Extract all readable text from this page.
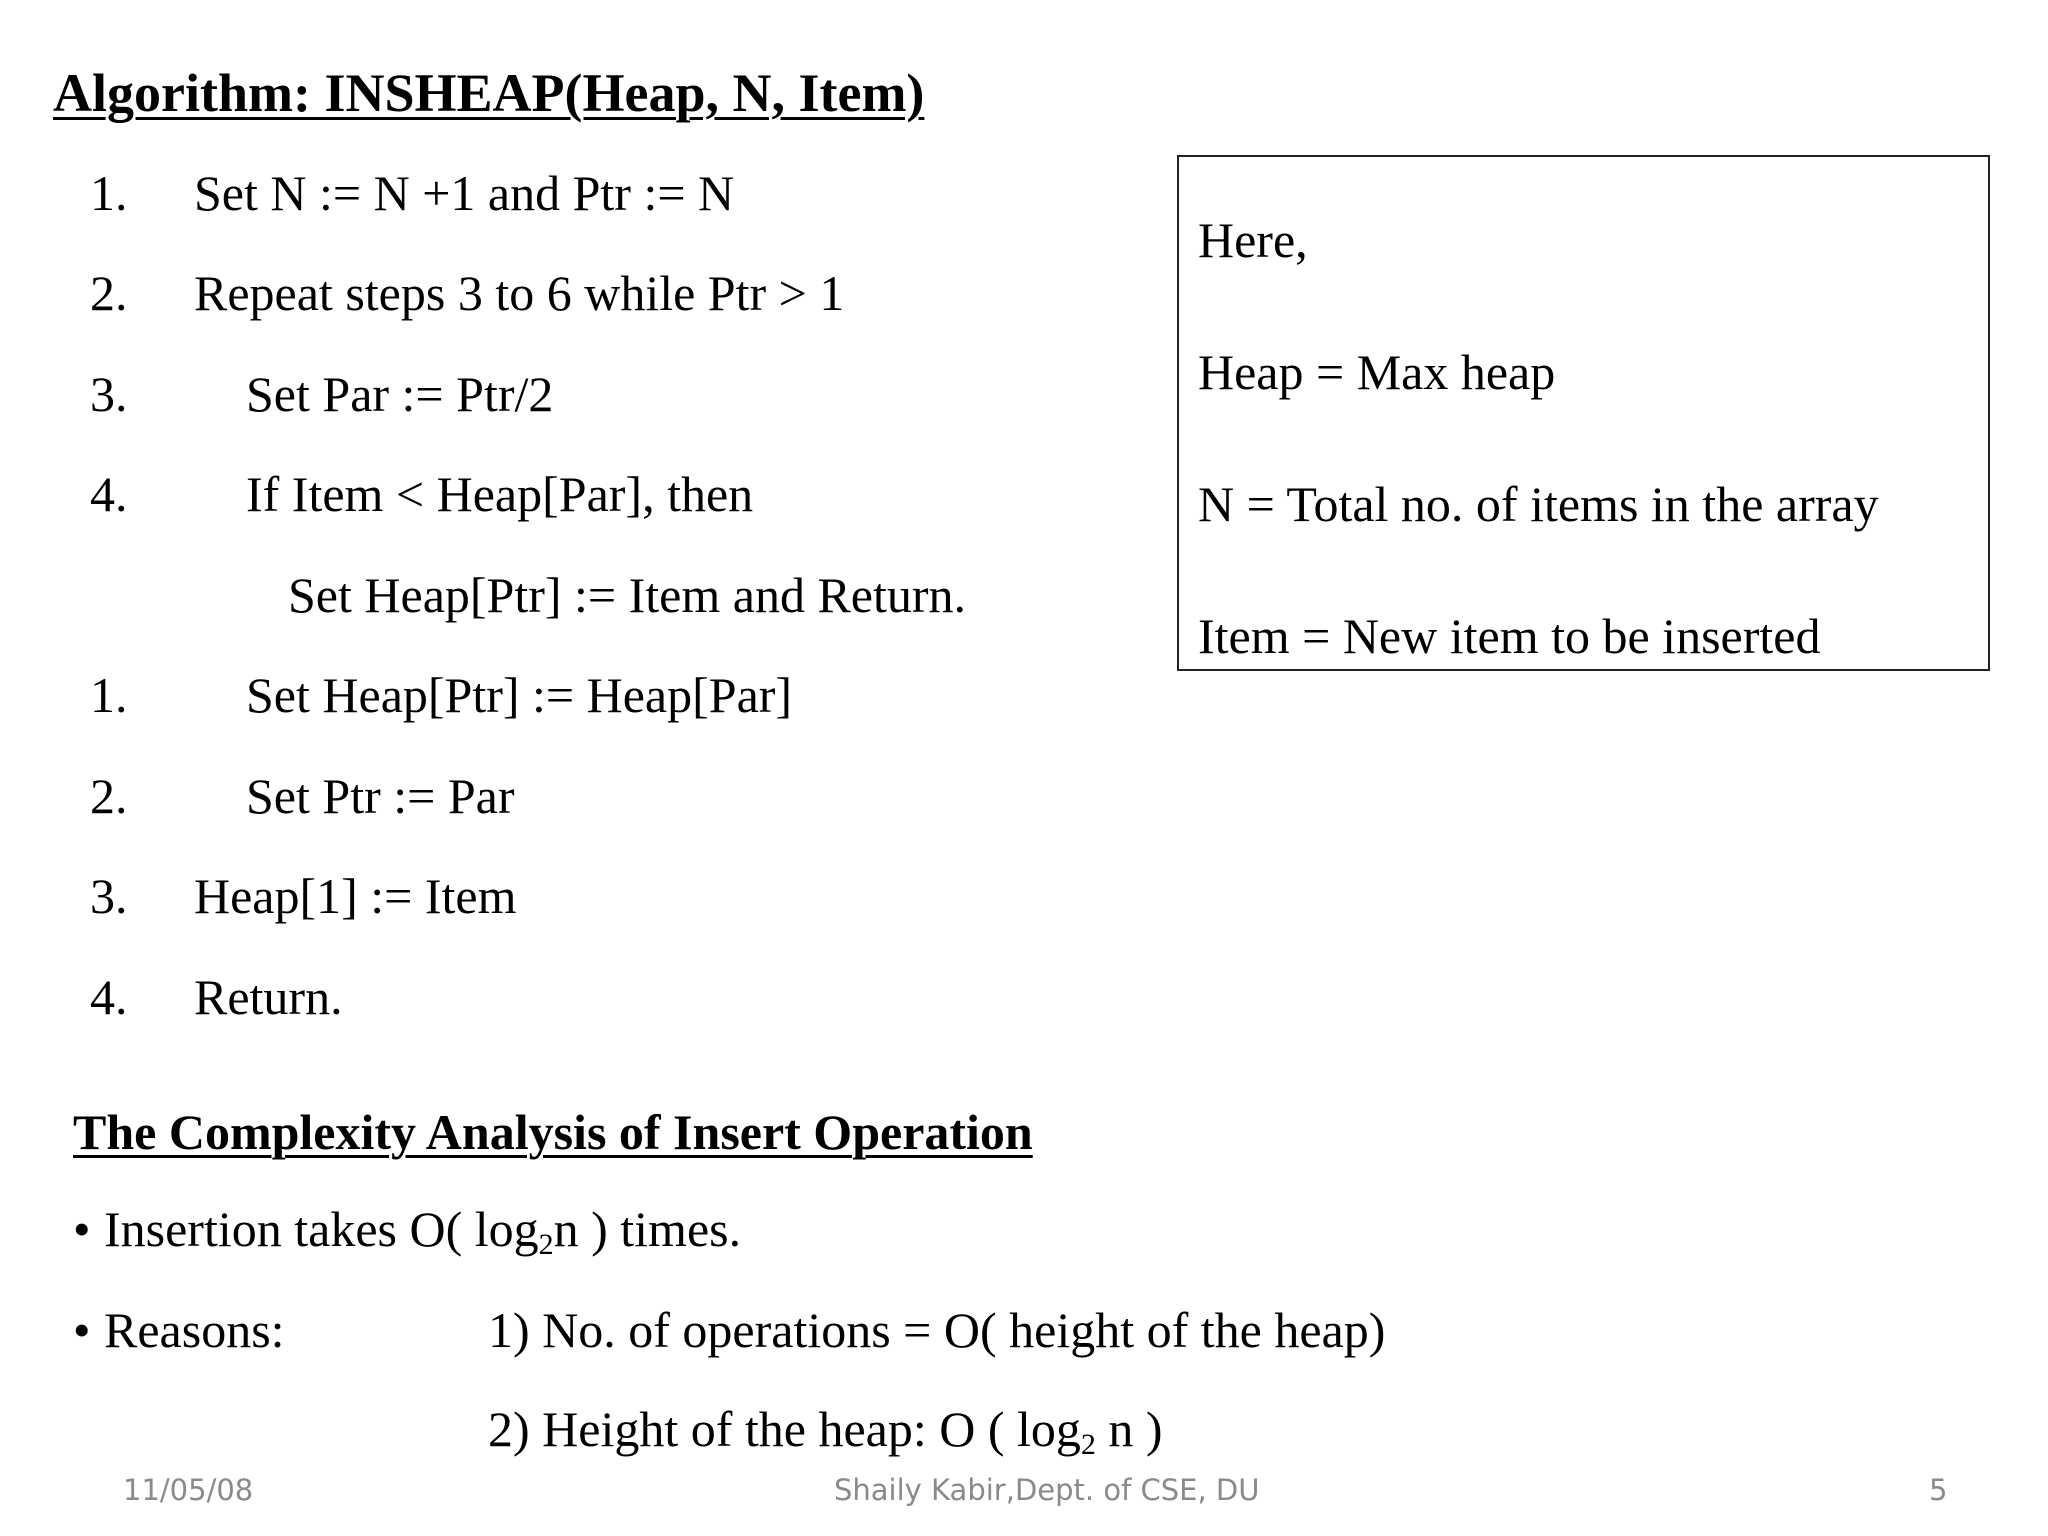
Algorithm: INSHEAP(Heap, N, Item)
1. Set N := N +1 and Ptr := N
2. Repeat steps 3 to 6 while Ptr > 1
3. Set Par := Ptr/2
4. If Item < Heap[Par], then
Set Heap[Ptr] := Item and Return.
1. Set Heap[Ptr] := Heap[Par]
2. Set Ptr := Par
3. Heap[1] := Item
4. Return.
Here,
Heap = Max heap
N = Total no. of items in the array
Item = New item to be inserted
The Complexity Analysis of Insert Operation
• Insertion takes O( $\log_2n$ ) times.
• Reasons:	1) No. of operations = O( height of the heap)
2) Height of the heap: O ( $\log_2 n$ )
11/05/08	Shaily Kabir,Dept. of CSE, DU	5
